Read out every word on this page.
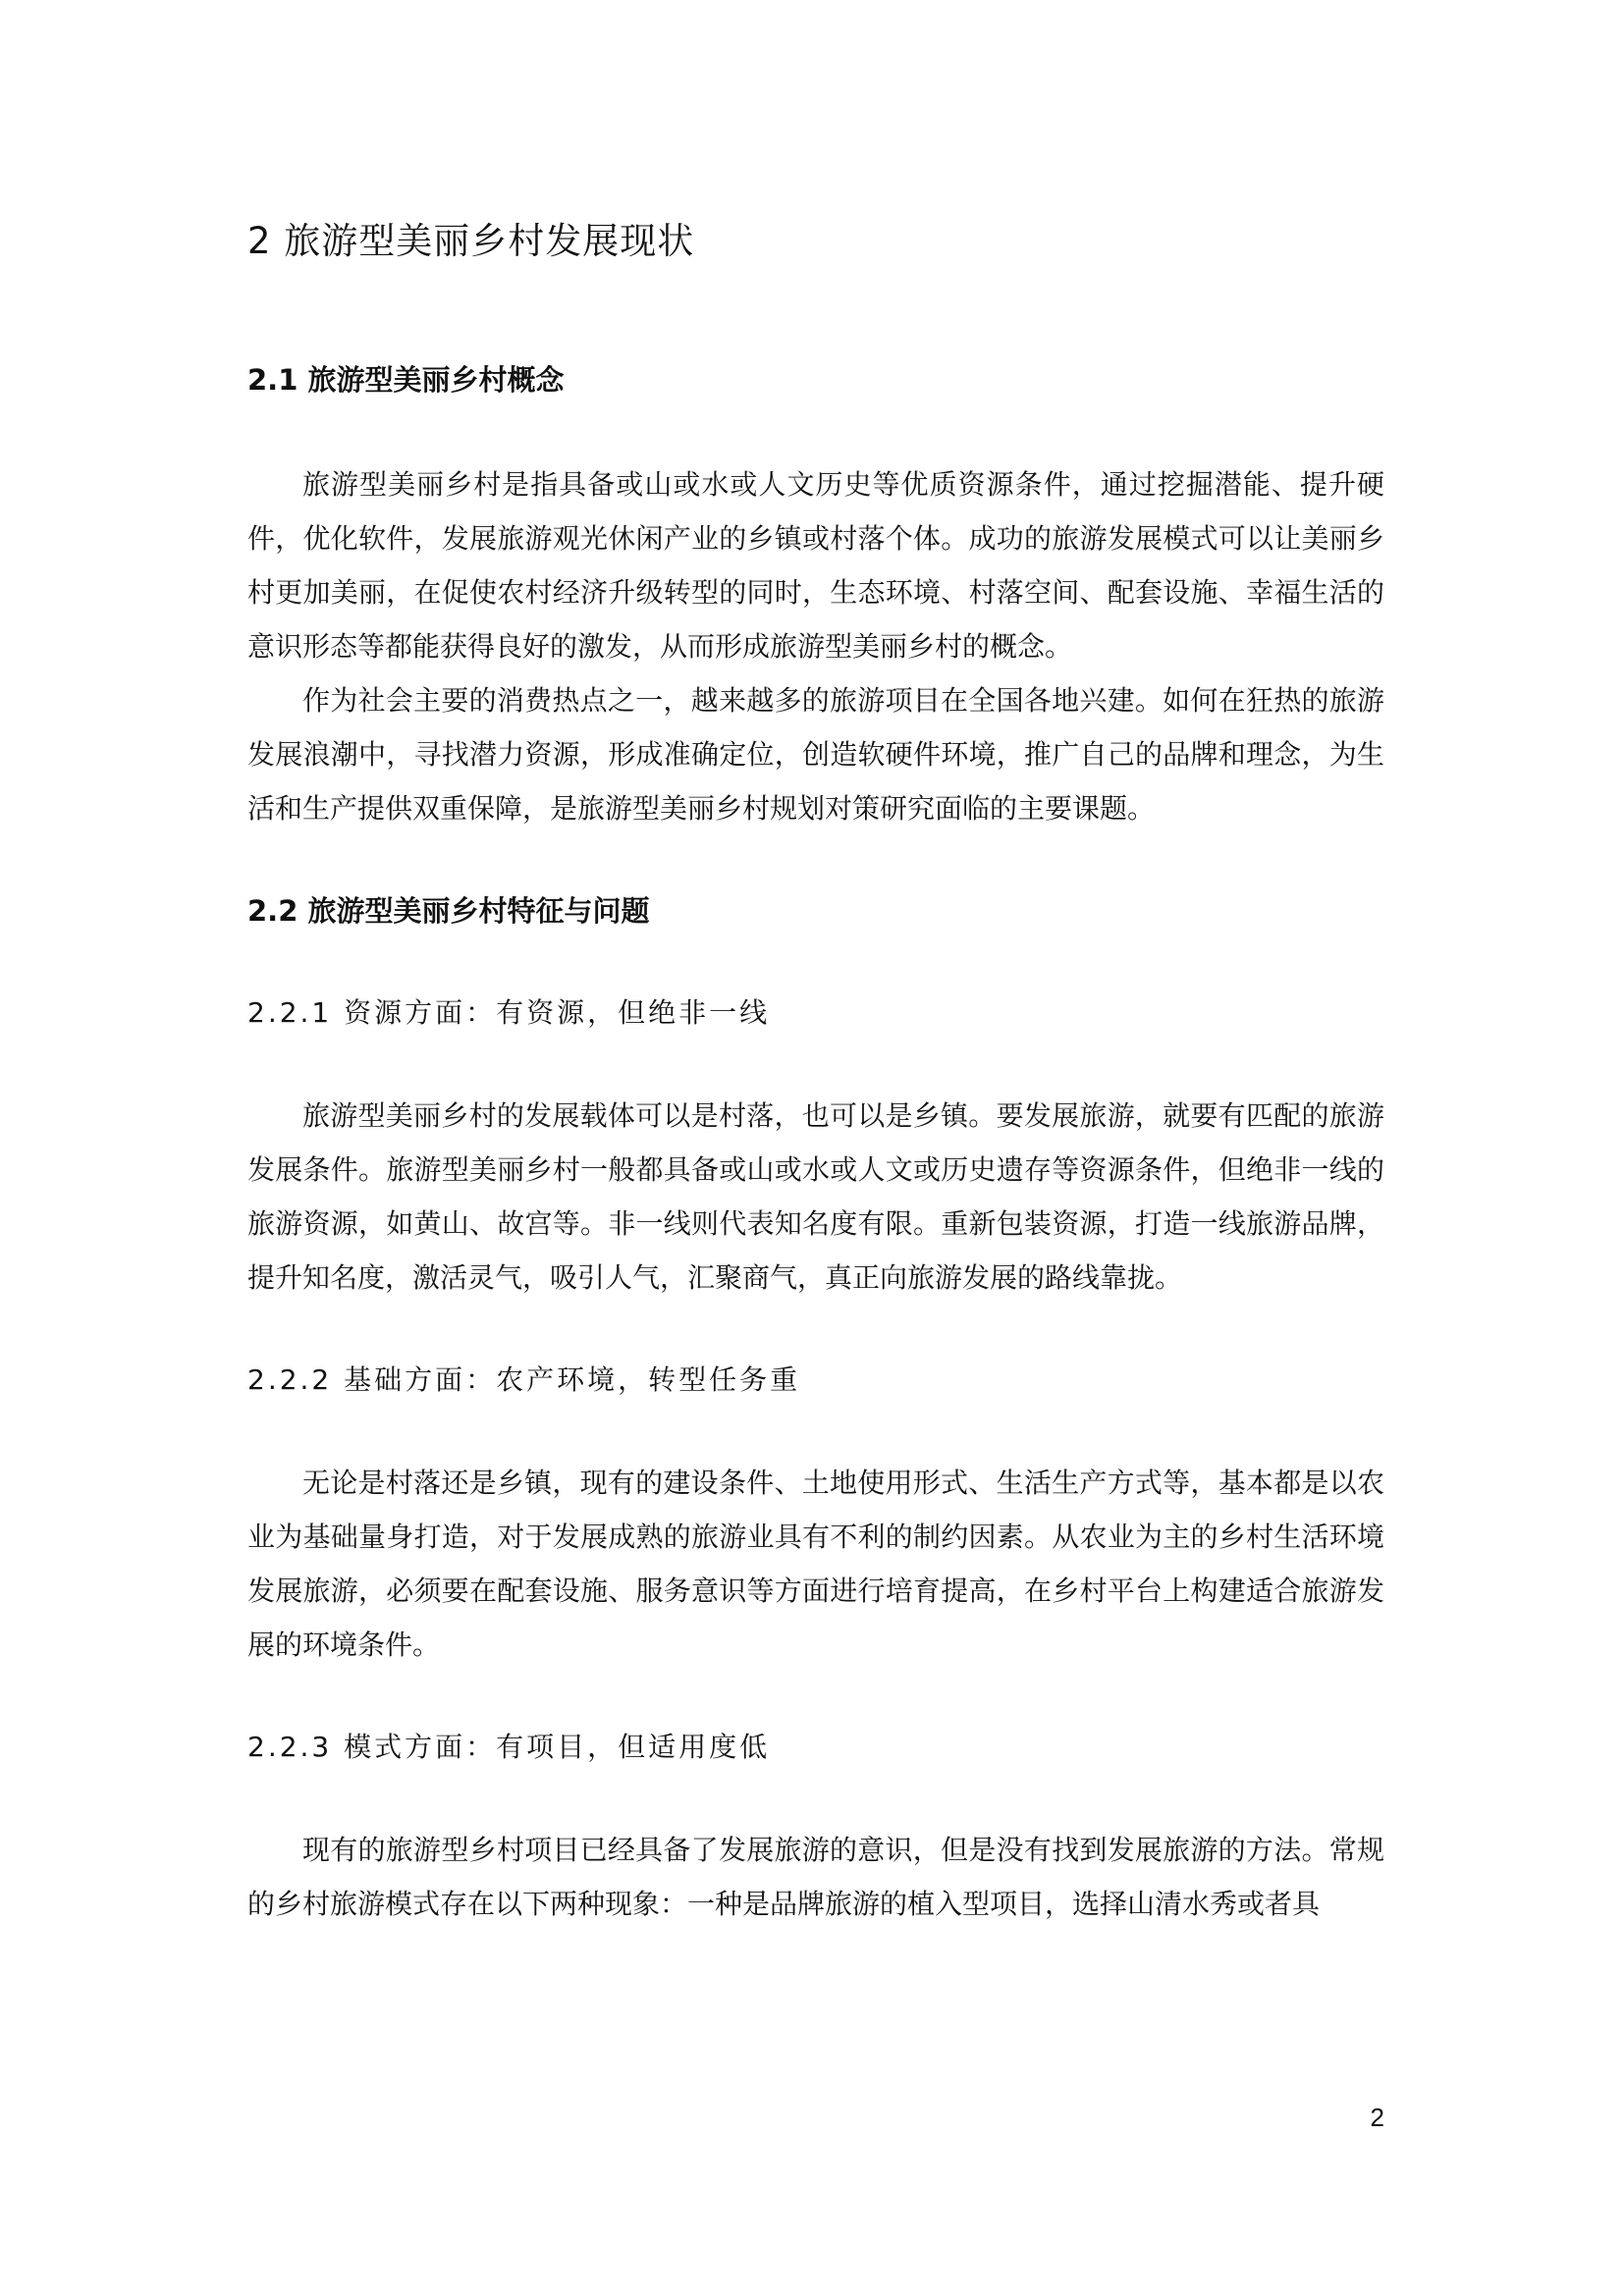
2 旅游型美丽乡村发展现状
2.1 旅游型美丽乡村概念

旅游型美丽乡村是指具备或山或水或人文历史等优质资源条件，通过挖掘潜能、提升硬件，优化软件，发展旅游观光休闲产业的乡镇或村落个体。成功的旅游发展模式可以让美丽乡村更加美丽，在促使农村经济升级转型的同时，生态环境、村落空间、配套设施、幸福生活的意识形态等都能获得良好的激发，从而形成旅游型美丽乡村的概念。

作为社会主要的消费热点之一，越来越多的旅游项目在全国各地兴建。如何在狂热的旅游发展浪潮中，寻找潜力资源，形成准确定位，创造软硬件环境，推广自己的品牌和理念，为生活和生产提供双重保障，是旅游型美丽乡村规划对策研究面临的主要课题。

2.2 旅游型美丽乡村特征与问题
2.2.1 资源方面：有资源，但绝非一线

旅游型美丽乡村的发展载体可以是村落，也可以是乡镇。要发展旅游，就要有匹配的旅游发展条件。旅游型美丽乡村一般都具备或山或水或人文或历史遗存等资源条件，但绝非一线的旅游资源，如黄山、故宫等。非一线则代表知名度有限。重新包装资源，打造一线旅游品牌，提升知名度，激活灵气，吸引人气，汇聚商气，真正向旅游发展的路线靠拢。

2.2.2 基础方面：农产环境，转型任务重

无论是村落还是乡镇，现有的建设条件、土地使用形式、生活生产方式等，基本都是以农业为基础量身打造，对于发展成熟的旅游业具有不利的制约因素。从农业为主的乡村生活环境发展旅游，必须要在配套设施、服务意识等方面进行培育提高，在乡村平台上构建适合旅游发展的环境条件。

2.2.3 模式方面：有项目，但适用度低

现有的旅游型乡村项目已经具备了发展旅游的意识，但是没有找到发展旅游的方法。常规的乡村旅游模式存在以下两种现象：一种是品牌旅游的植入型项目，选择山清水秀或者具

2
